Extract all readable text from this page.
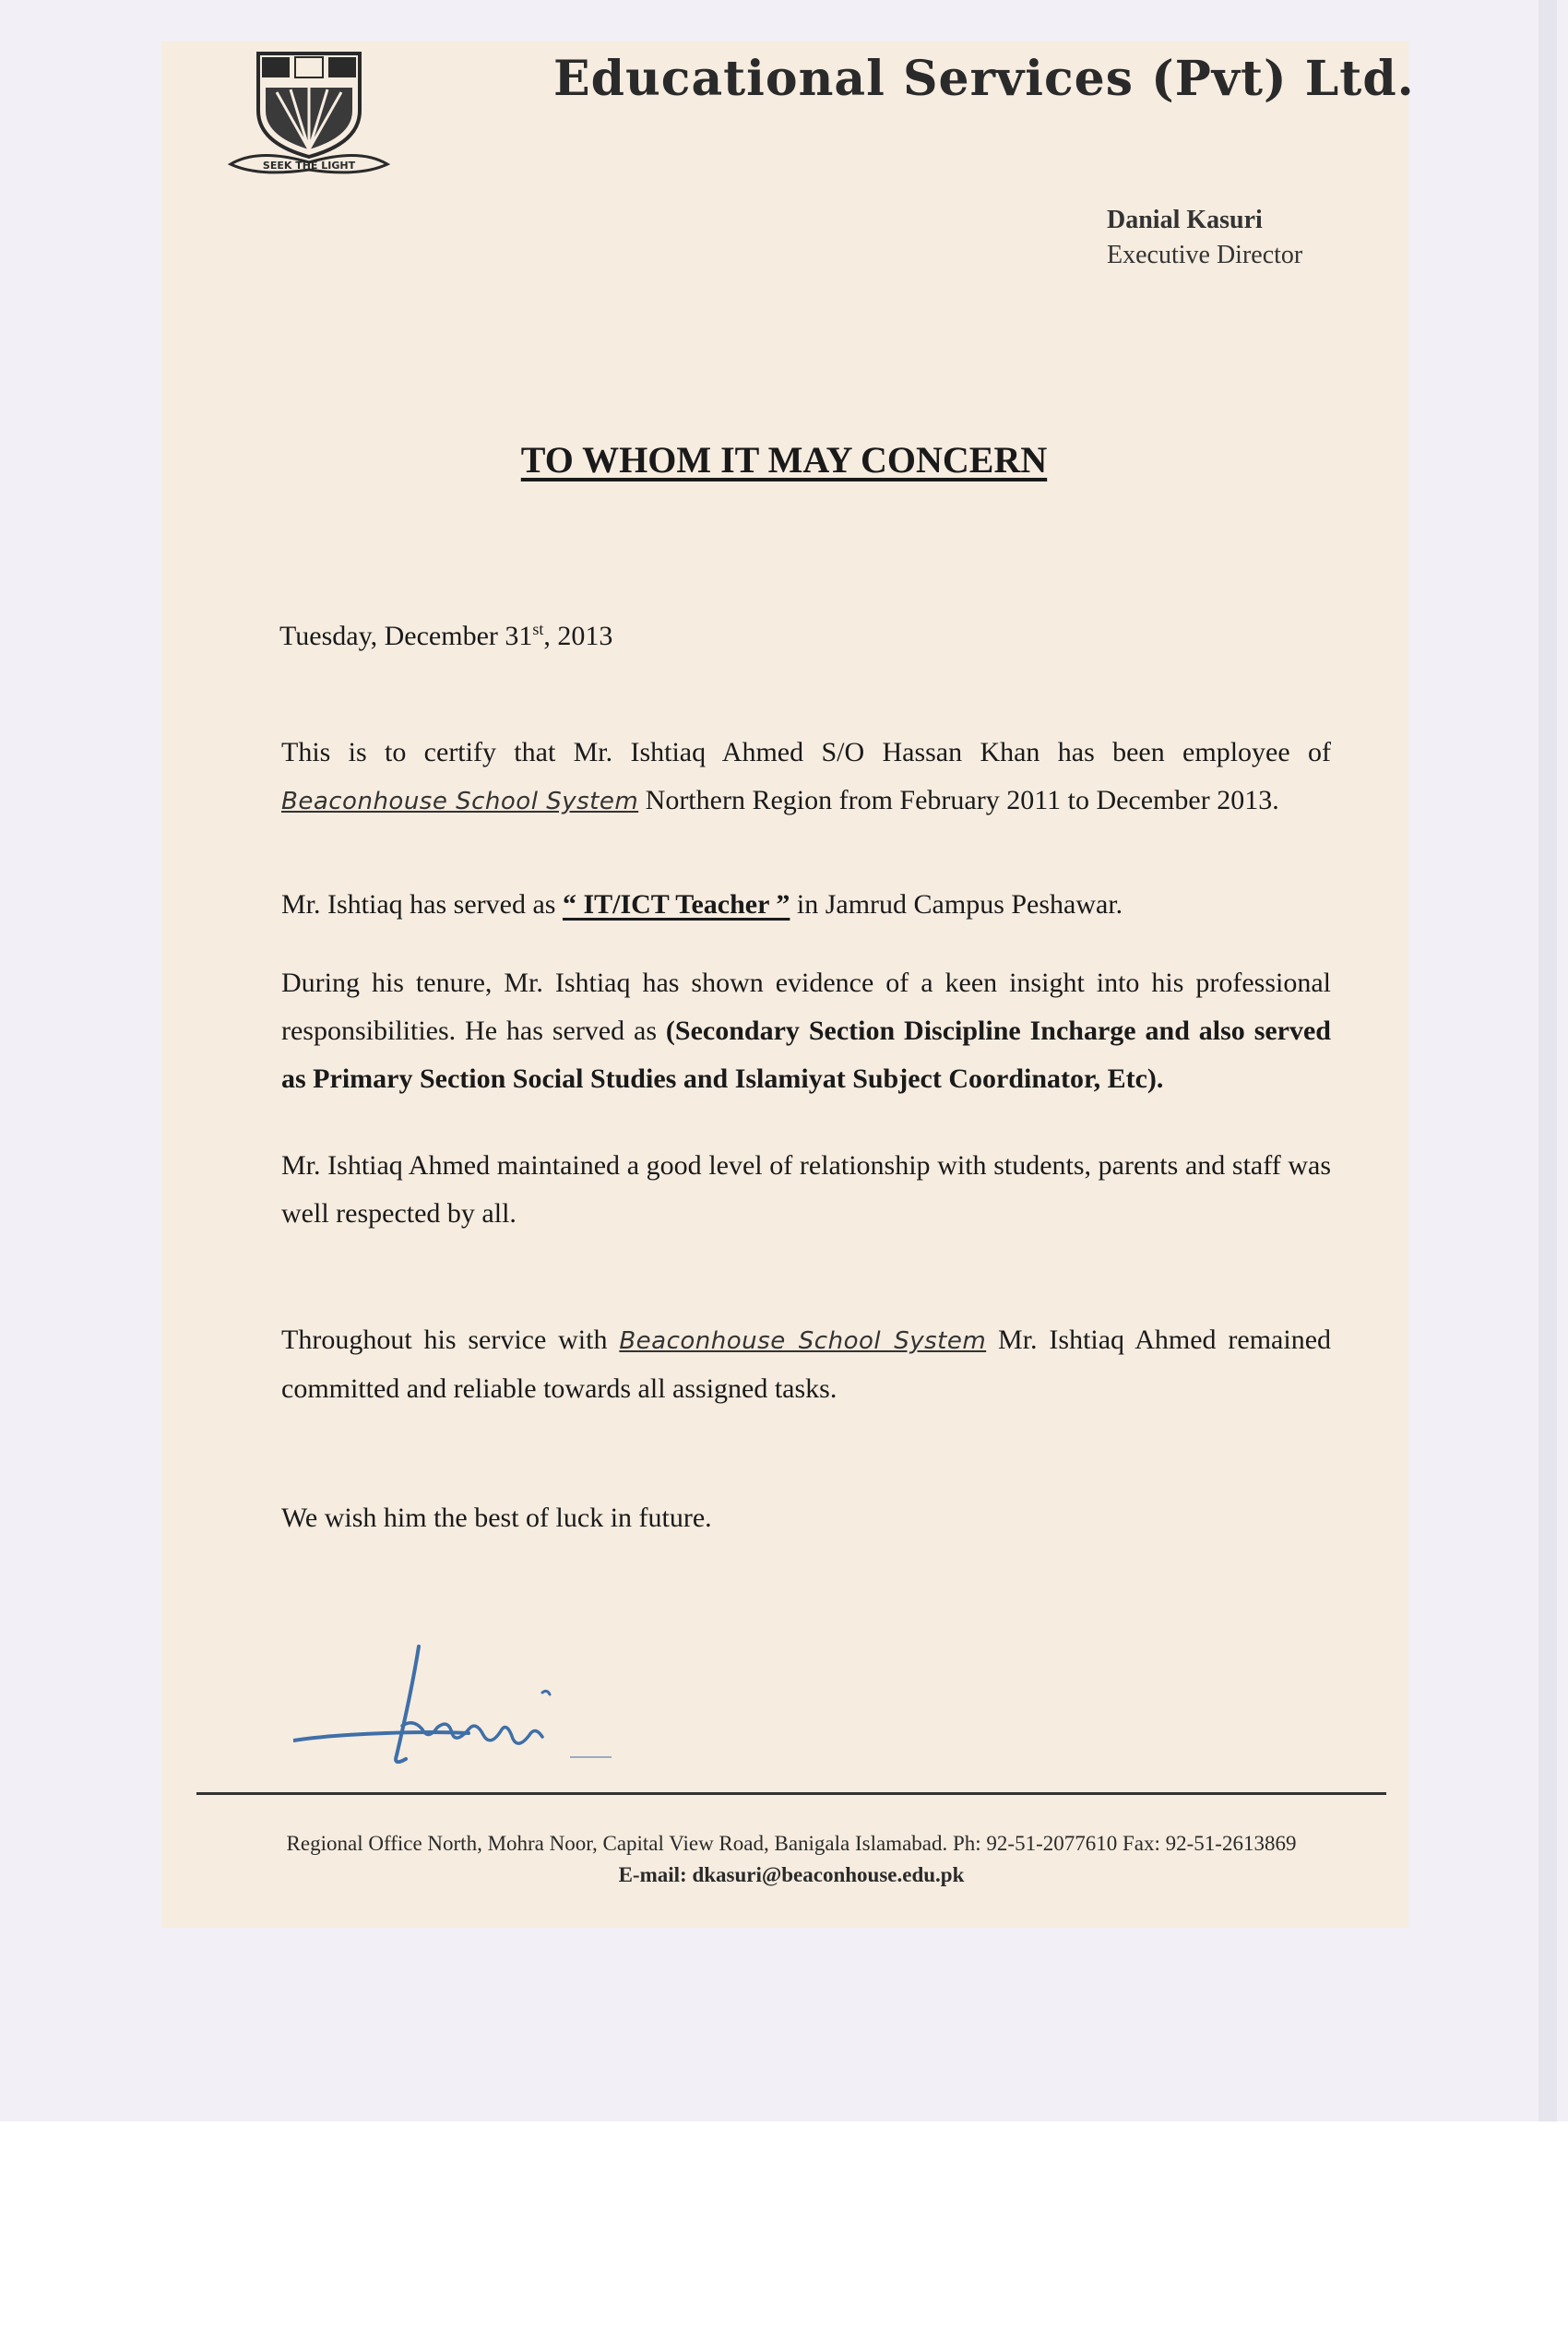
SEEK THE LIGHT
Educational Services (Pvt) Ltd.
Danial Kasuri
Executive Director
TO WHOM IT MAY CONCERN
Tuesday, December 31st, 2013
This is to certify that Mr. Ishtiaq Ahmed S/O Hassan Khan has been employee of Beaconhouse School System Northern Region from February 2011 to December 2013.
Mr. Ishtiaq has served as “ IT/ICT Teacher ” in Jamrud Campus Peshawar.
During his tenure, Mr. Ishtiaq has shown evidence of a keen insight into his professional responsibilities. He has served as (Secondary Section Discipline Incharge and also served as Primary Section Social Studies and Islamiyat Subject Coordinator, Etc).
Mr. Ishtiaq Ahmed maintained a good level of relationship with students, parents and staff was well respected by all.
Throughout his service with Beaconhouse School System Mr. Ishtiaq Ahmed remained committed and reliable towards all assigned tasks.
We wish him the best of luck in future.
Regional Office North, Mohra Noor, Capital View Road, Banigala Islamabad. Ph: 92-51-2077610 Fax: 92-51-2613869
E-mail: dkasuri@beaconhouse.edu.pk
